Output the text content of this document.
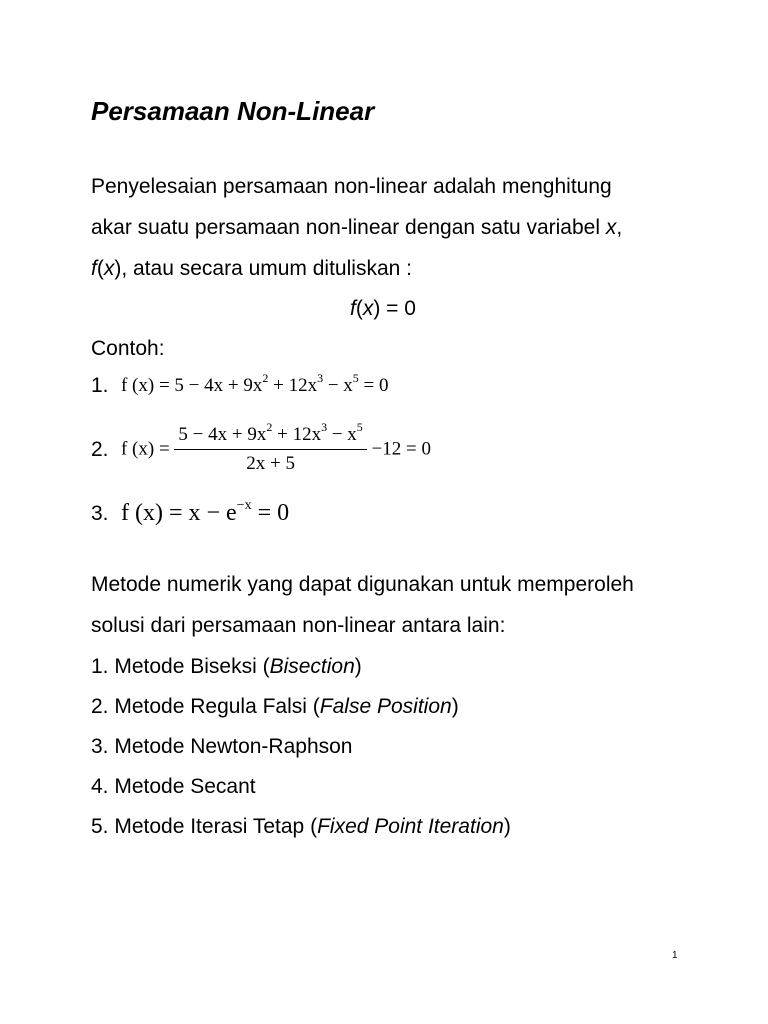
Persamaan Non-Linear
Penyelesaian persamaan non-linear adalah menghitung
akar suatu persamaan non-linear dengan satu variabel x,
f(x), atau secara umum dituliskan :
f(x) = 0
Contoh:
1. f $(x) = 5 - 4x + 9x^2 + 12x^3 - x^5 = 0$
2. f $(x) = \frac{5 - 4x + 9x^2 + 12x^3 - x^5}{2x + 5} -12 = 0$
3. f $(x) = x - e^{-x} = 0$
Metode numerik yang dapat digunakan untuk memperoleh
solusi dari persamaan non-linear antara lain:
1. Metode Biseksi (Bisection)
2. Metode Regula Falsi (False Position)
3. Metode Newton-Raphson
4. Metode Secant
5. Metode Iterasi Tetap (Fixed Point Iteration)
1
